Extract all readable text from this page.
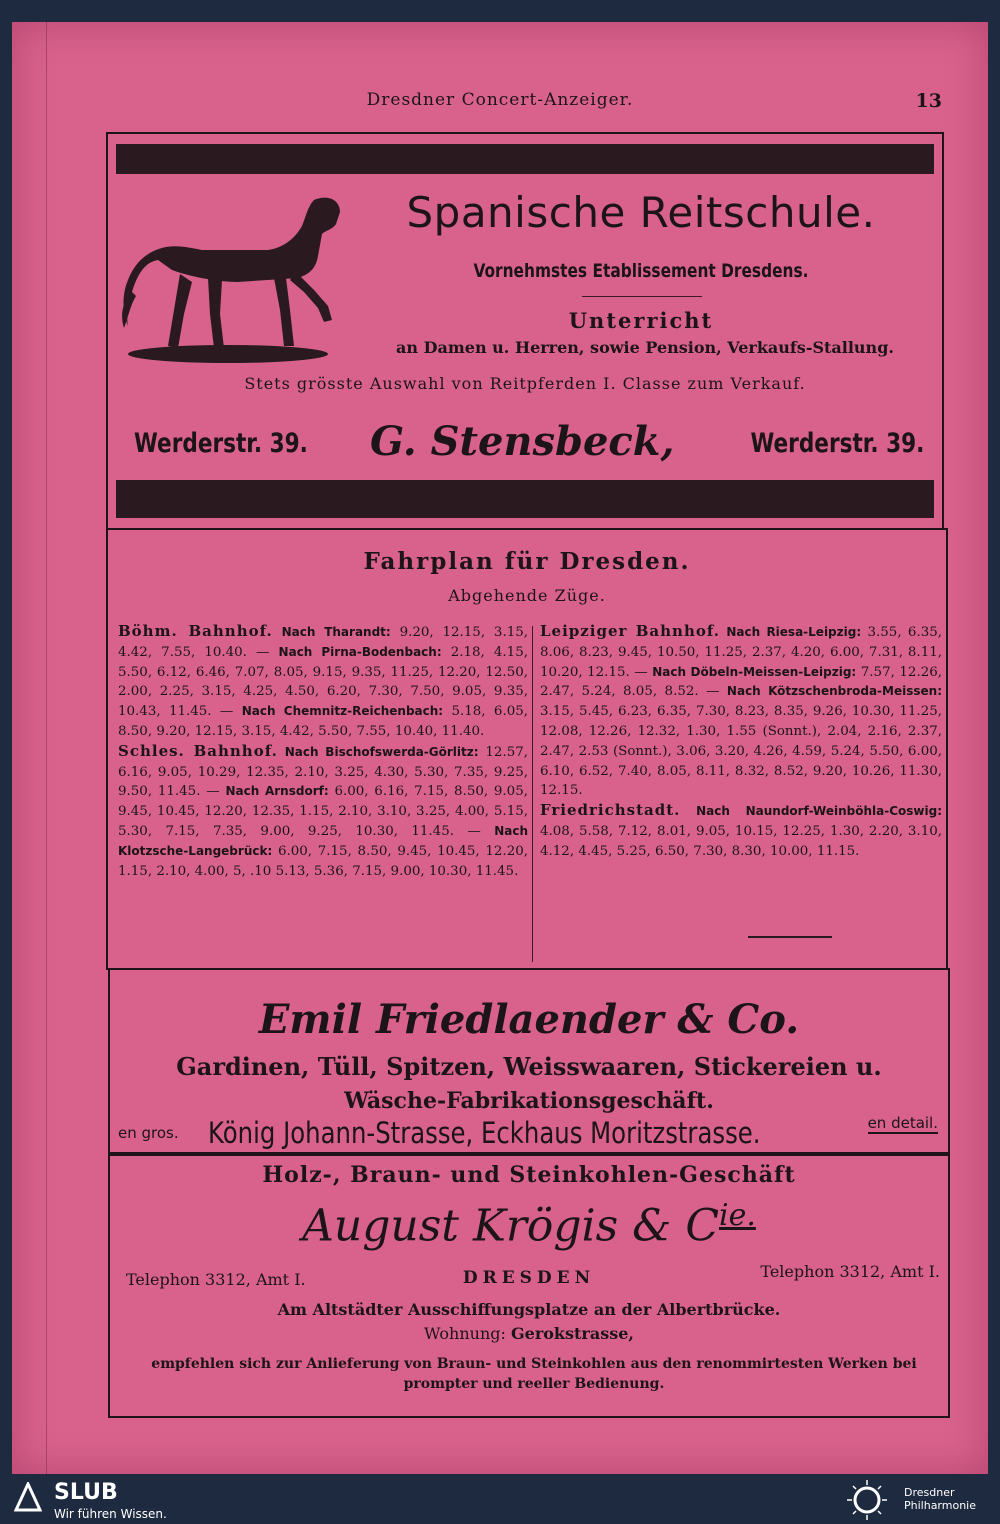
Dresdner Concert-Anzeiger.	13
Spanische Reitschule.
Vornehmstes Etablissement Dresdens.
Unterricht
an Damen u. Herren, sowie Pension, Verkaufs-Stallung.
Stets grösste Auswahl von Reitpferden I. Classe zum Verkauf.
Werderstr. 39. G. Stensbeck,	Werderstr. 39.
Fahrplan für Dresden.
Abgehende Züge.
Böhm. Bahnhof. Nach Tharandt: 9.20, 12.15, 3.15, 4.42, 7.55, 10.40. — Nach Pirna-Bodenbach: 2.18, 4.15, 5.50, 6.12, 6.46, 7.07, 8.05, 9.15, 9.35, 11.25, 12.20, 12.50, 2.00, 2.25, 3.15, 4.25, 4.50, 6.20, 7.30, 7.50, 9.05, 9.35, 10.43, 11.45. — Nach Chemnitz-Reichenbach: 5.18, 6.05, 8.50, 9.20, 12.15, 3.15, 4.42, 5.50, 7.55, 10.40, 11.40.
Schles. Bahnhof. Nach Bischofswerda-Görlitz: 12.57, 6.16, 9.05, 10.29, 12.35, 2.10, 3.25, 4.30, 5.30, 7.35, 9.25, 9.50, 11.45. — Nach Arnsdorf: 6.00, 6.16, 7.15, 8.50, 9.05, 9.45, 10.45, 12.20, 12.35, 1.15, 2.10, 3.10, 3.25, 4.00, 5.15, 5.30, 7.15, 7.35, 9.00, 9.25, 10.30, 11.45. — Nach Klotzsche-Langebrück: 6.00, 7.15, 8.50, 9.45, 10.45, 12.20, 1.15, 2.10, 4.00, 5, .10 5.13, 5.36, 7.15, 9.00, 10.30, 11.45.
Leipziger Bahnhof. Nach Riesa-Leipzig: 3.55, 6.35, 8.06, 8.23, 9.45, 10.50, 11.25, 2.37, 4.20, 6.00, 7.31, 8.11, 10.20, 12.15. — Nach Döbeln-Meissen-Leipzig: 7.57, 12.26, 2.47, 5.24, 8.05, 8.52. — Nach Kötzschenbroda-Meissen: 3.15, 5.45, 6.23, 6.35, 7.30, 8.23, 8.35, 9.26, 10.30, 11.25, 12.08, 12.26, 12.32, 1.30, 1.55 (Sonnt.), 2.04, 2.16, 2.37, 2.47, 2.53 (Sonnt.), 3.06, 3.20, 4.26, 4.59, 5.24, 5.50, 6.00, 6.10, 6.52, 7.40, 8.05, 8.11, 8.32, 8.52, 9.20, 10.26, 11.30, 12.15.
Friedrichstadt. Nach Naundorf-Weinböhla-Coswig: 4.08, 5.58, 7.12, 8.01, 9.05, 10.15, 12.25, 1.30, 2.20, 3.10, 4.12, 4.45, 5.25, 6.50, 7.30, 8.30, 10.00, 11.15.
Emil Friedlaender & Co.
Gardinen, Tüll, Spitzen, Weisswaaren, Stickereien u.
Wäsche-Fabrikationsgeschäft.
en gros. König Johann-Strasse, Eckhaus Moritzstrasse.	en detail.
Holz-, Braun- und Steinkohlen-Geschäft
August Krögis & $C^{ie.}$
Telephon 3312, Amt I.	DRESDEN	Telephon 3312, Amt I.
Am Altstädter Ausschiffungsplatze an der Albertbrücke.
Wohnung: Gerokstrasse,
empfehlen sich zur Anlieferung von Braun- und Steinkohlen aus den renommirtesten Werken bei prompter und reeller Bedienung.
SLUB
Wir führen Wissen.
Dresdner
Philharmonie
